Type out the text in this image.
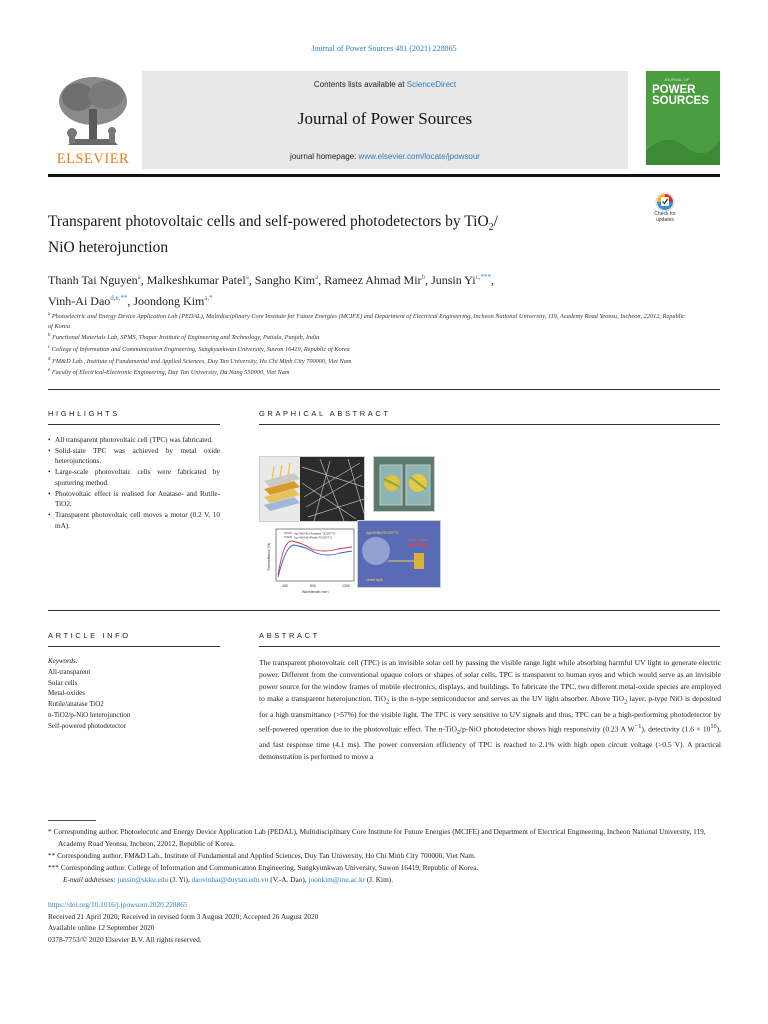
Journal of Power Sources 481 (2021) 228865
ELSEVIER
Contents lists available at ScienceDirect
Journal of Power Sources
journal homepage: www.elsevier.com/locate/jpowsour
JOURNAL OF
POWER
SOURCES
Check for
updates
Transparent photovoltaic cells and self-powered photodetectors by TiO$_2$/
NiO heterojunction
Thanh Tai Nguyen$^a$, Malkeshkumar Patel$^a$, Sangho Kim$^a$, Rameez Ahmad Mir$^b$, Junsin $Yi^{c,***}$,
Vinh-Ai Dao$^{d,e,**}$, Joondong Kim$^{a,*}$
$^a$ Photoelectric and Energy Device Application Lab (PEDAL), Multidisciplinary Core Institute for Future Energies (MCIFE) and Department of Electrical Engineering, Incheon National University, 119, Academy Road Yeonsu, Incheon, 22012, Republic of Korea
$^b$ Functional Materials Lab, SPMS, Thapar Institute of Engineering and Technology, Patiala, Punjab, India
$^c$ College of Information and Communication Engineering, Sungkyunkwan University, Suwon 16419, Republic of Korea
$^d$ FM&D Lab., Institute of Fundamental and Applied Sciences, Duy Tan University, Ho Chi Minh City 700000, Viet Nam
$^e$ Faculty of Electrical-Electronic Engineering, Duy Tan University, Da Nang 550000, Viet Nam
HIGHLIGHTS	GRAPHICAL ABSTRACT
• All transparent photovoltaic cell (TPC) was fabricated.
• Solid-state TPC was achieved by metal oxide heterojunctions.
• Large-scale photovoltaic cells were fabricated by sputtering method.
• Photovoltaic effect is realised for Anatase- and Rutile-TiO2.
• Transparent photovoltaic cell moves a motor (0.2 V, 10 mA).
Ag NW/NiO/Anatase TiO2/FTO
Ag NW/NiO/Rutile TiO2/FTO
400	800	1200
Wavelength (nm)
Transmittance (%)
AgNW/NiO/TiO2/FTO
Motor rotation
Under light
ARTICLE INFO	ABSTRACT
Keywords:
All-transparent
Solar cells
Metal-oxides
Rutile/anatase TiO2
n-TiO2/p-NiO heterojunction
Self-powered photodetector
The transparent photovoltaic cell (TPC) is an invisible solar cell by passing the visible range light while absorbing harmful UV light to generate electric power. Different from the conventional opaque colors or shapes of solar cells, TPC is transparent to human eyes and which would serve as an invisible power source for the window frames of mobile electronics, displays, and buildings. To fabricate the TPC, two different metal-oxide species are employed to make a transparent heterojunction. TiO$_2$ is the n-type semiconductor and serves as the UV light absorber. Above TiO$_2$ layer, p-type NiO is deposited for a high transmittance (>57%) for the visible light. The TPC is very sensitive to UV signals and thus, TPC can be a high-performing photodetector by self-powered operation due to the photovoltaic effect. The n-TiO$_2$/p-NiO photodetector shows high responsivity (0.23 A $W^{-1}$), detectivity $(1.6 \times 10^{10})$, and fast response time (4.1 ms). The power conversion efficiency of TPC is reached to 2.1% with high open circuit voltage (>0.5 V). A practical demonstration is performed to move a
* Corresponding author. Photoelectric and Energy Device Application Lab (PEDAL), Multidisciplinary Core Institute for Future Energies (MCIFE) and Department of Electrical Engineering, Incheon National University, 119, Academy Road Yeonsu, Incheon, 22012, Republic of Korea.
** Corresponding author. FM&D Lab., Institute of Fundamental and Applied Sciences, Duy Tan University, Ho Chi Minh City 700000, Viet Nam.
*** Corresponding author. College of Information and Communication Engineering, Sungkyunkwan University, Suwon 16419, Republic of Korea.
E-mail addresses: junsin@skku.edu (J. Yi), daovinhai@duytan.edu.vn (V.-A. Dao), joonkim@inu.ac.kr (J. Kim).
https://doi.org/10.1016/j.jpowsour.2020.228865
Received 21 April 2020; Received in revised form 3 August 2020; Accepted 26 August 2020
Available online 12 September 2020
0378-7753/© 2020 Elsevier B.V. All rights reserved.
